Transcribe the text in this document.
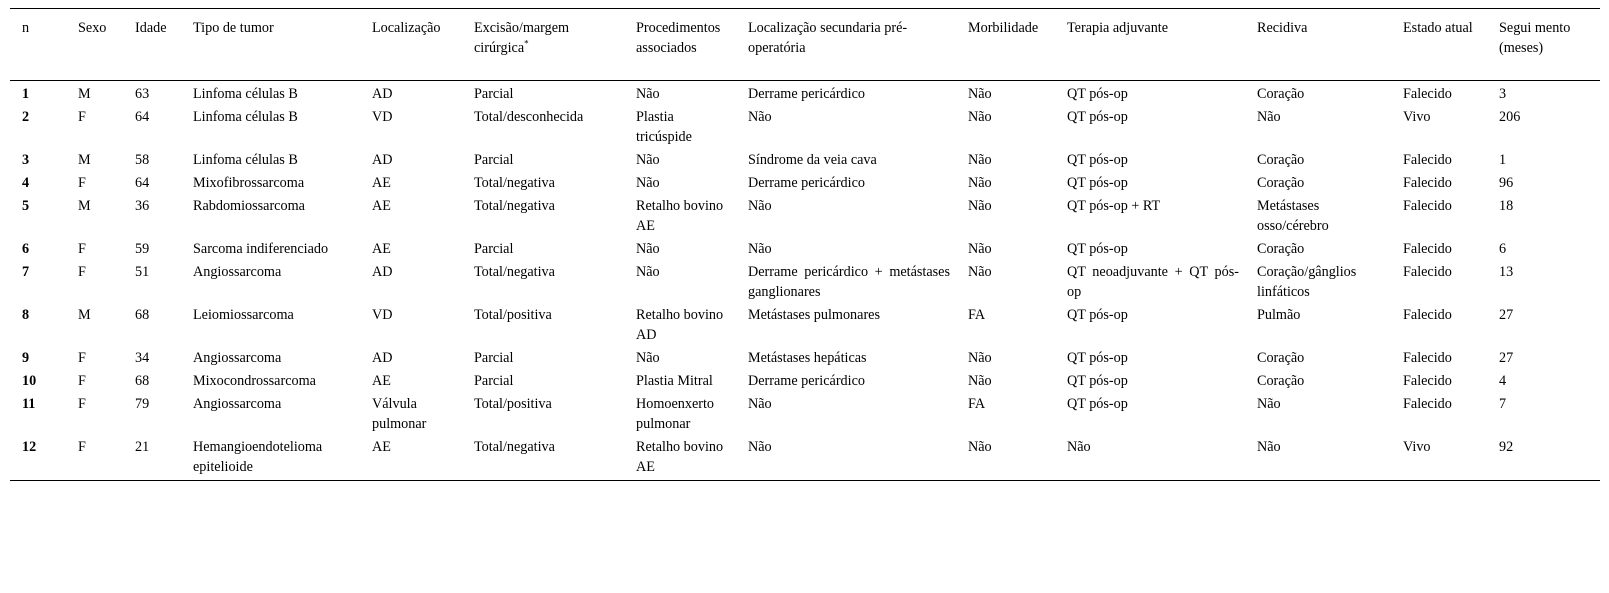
n	Sexo	Idade	Tipo de tumor	Localização	Excisão/margem cirúrgica*	Procedimentos associados	Localização secundaria pré-operatória	Morbilidade	Terapia adjuvante	Recidiva	Estado atual	Segui mento (meses)
1	M	63	Linfoma células B	AD	Parcial	Não	Derrame pericárdico	Não	QT pós-op	Coração	Falecido	3
2	F	64	Linfoma células B	VD	Total/desconhecida	Plastia tricúspide	Não	Não	QT pós-op	Não	Vivo	206
3	M	58	Linfoma células B	AD	Parcial	Não	Síndrome da veia cava	Não	QT pós-op	Coração	Falecido	1
4	F	64	Mixofibrossarcoma	AE	Total/negativa	Não	Derrame pericárdico	Não	QT pós-op	Coração	Falecido	96
5	M	36	Rabdomiossarcoma	AE	Total/negativa	Retalho bovino AE	Não	Não	QT pós-op + RT	Metástases osso/cérebro	Falecido	18
6	F	59	Sarcoma indiferenciado	AE	Parcial	Não	Não	Não	QT pós-op	Coração	Falecido	6
7	F	51	Angiossarcoma	AD	Total/negativa	Não	Derrame pericárdico + metástases ganglionares	Não	QT neoadjuvante + QT pós-op	Coração/gânglios linfáticos	Falecido	13
8	M	68	Leiomiossarcoma	VD	Total/positiva	Retalho bovino AD	Metástases pulmonares	FA	QT pós-op	Pulmão	Falecido	27
9	F	34	Angiossarcoma	AD	Parcial	Não	Metástases hepáticas	Não	QT pós-op	Coração	Falecido	27
10	F	68	Mixocondrossarcoma	AE	Parcial	Plastia Mitral	Derrame pericárdico	Não	QT pós-op	Coração	Falecido	4
11	F	79	Angiossarcoma	Válvula pulmonar	Total/positiva	Homoenxerto pulmonar	Não	FA	QT pós-op	Não	Falecido	7
12	F	21	Hemangioendotelioma epitelioide	AE	Total/negativa	Retalho bovino AE	Não	Não	Não	Não	Vivo	92
